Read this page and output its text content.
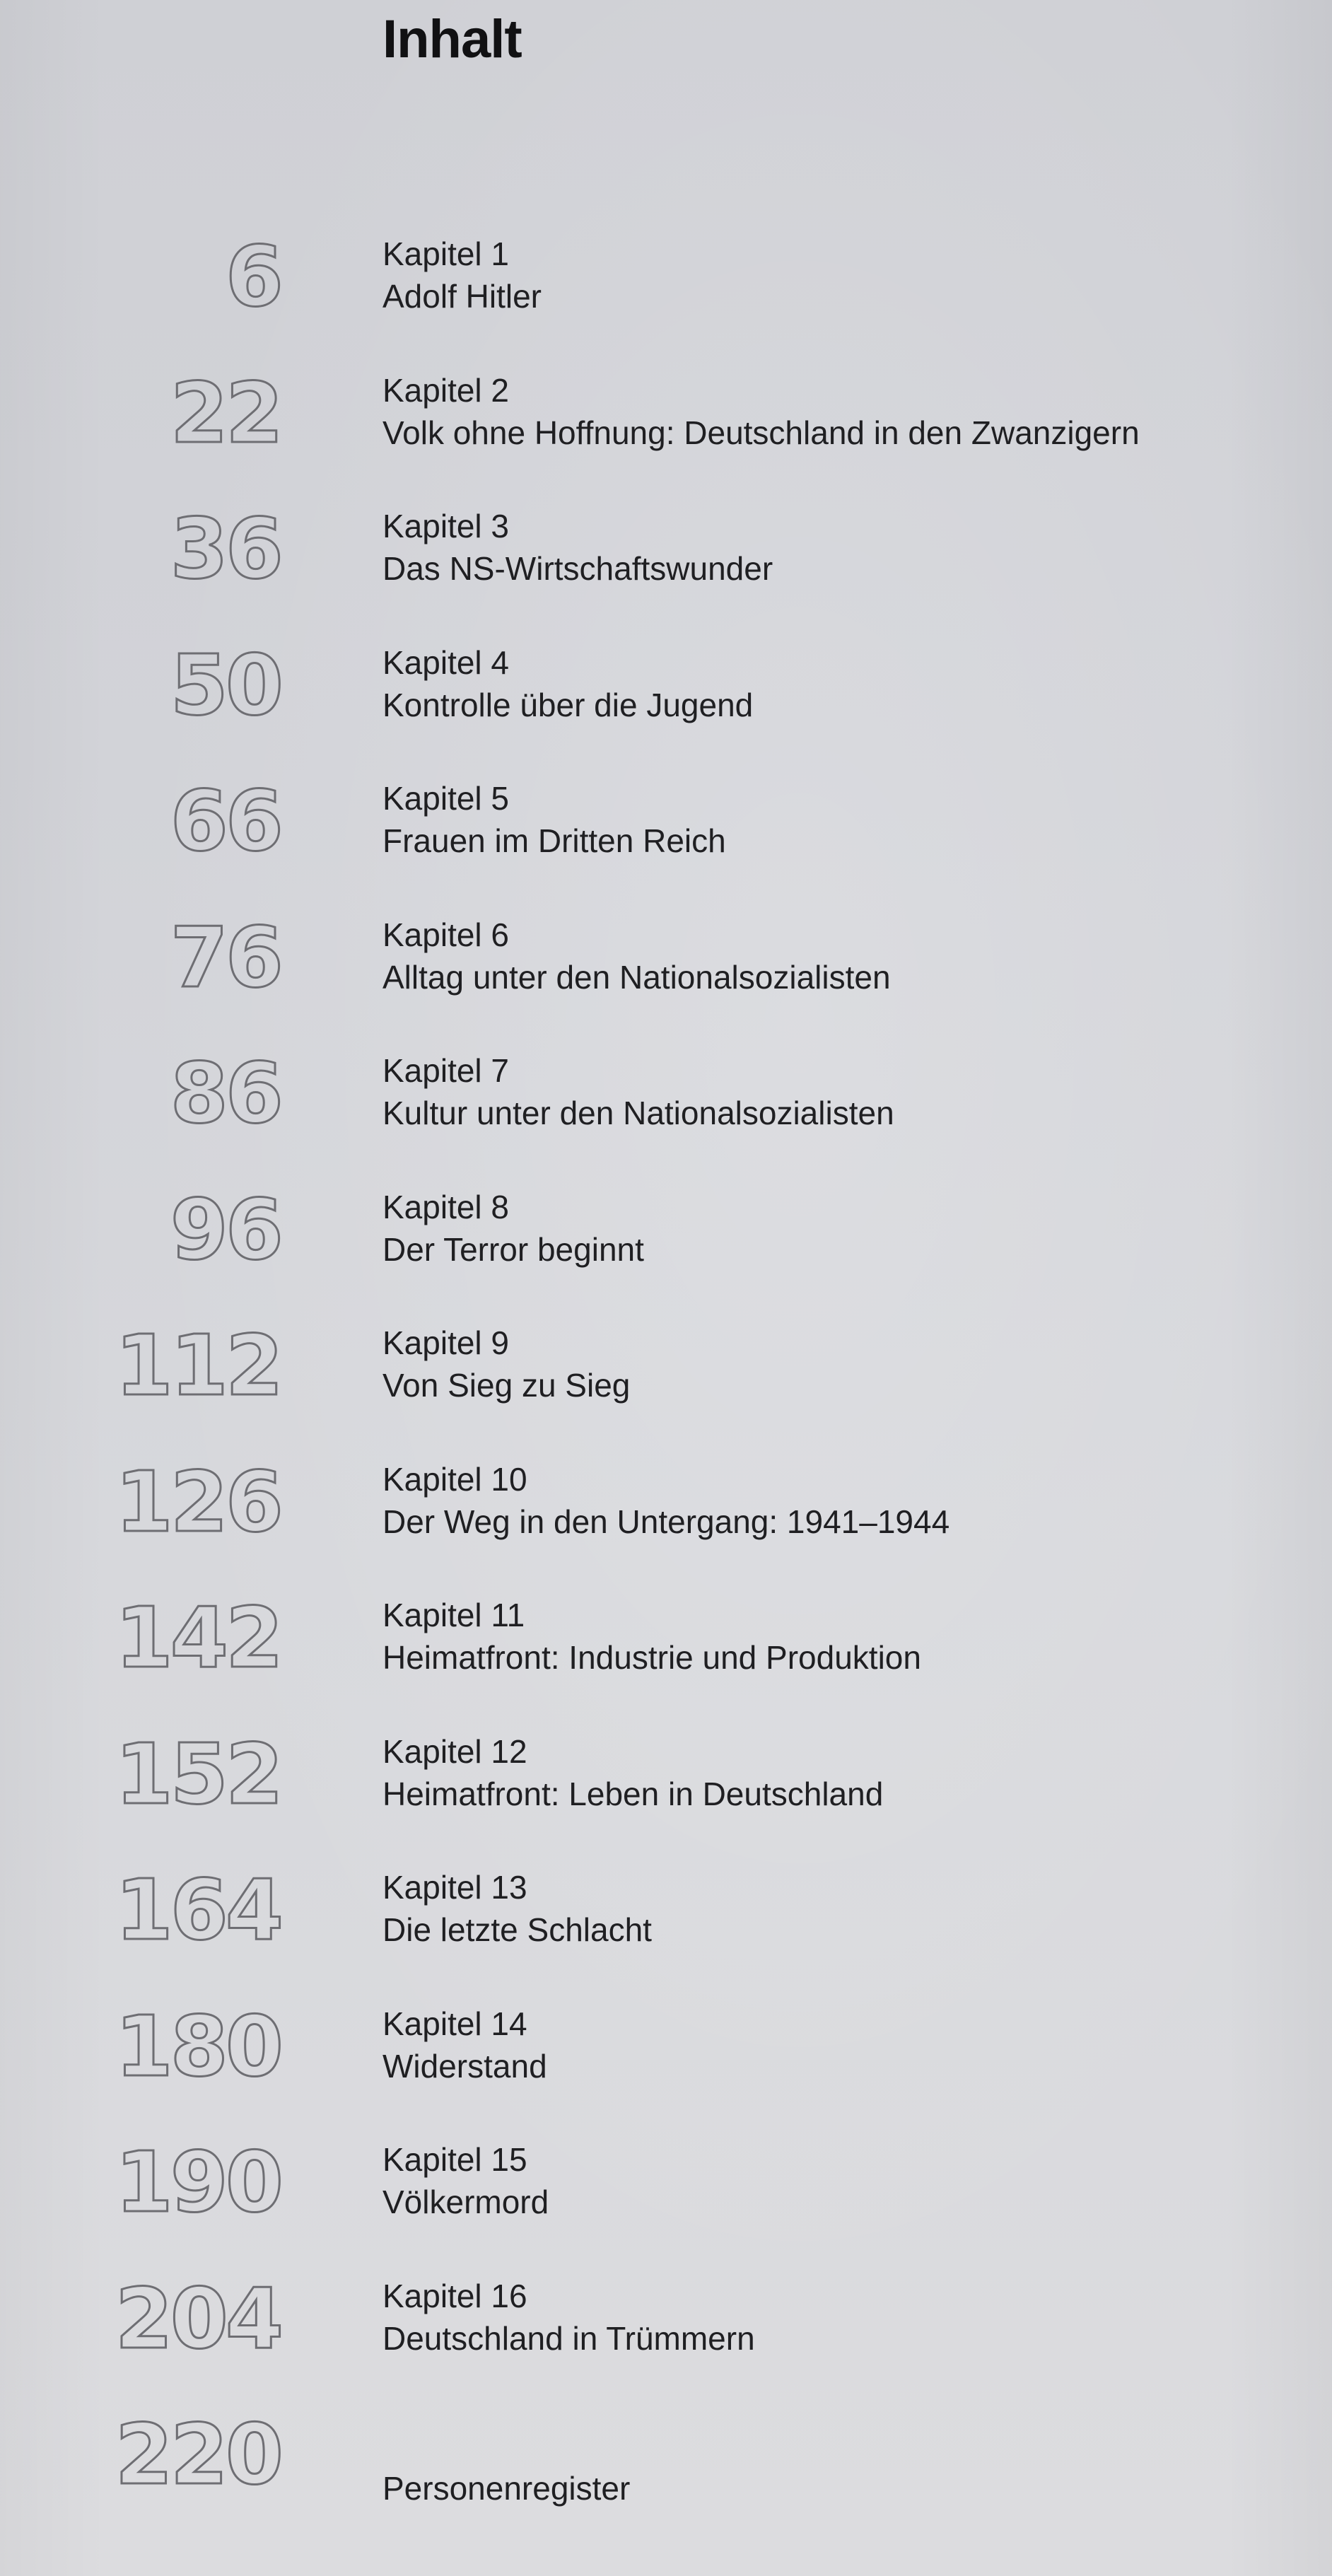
Inhalt
6	Kapitel 1
Adolf Hitler
22	Kapitel 2
Volk ohne Hoffnung: Deutschland in den Zwanzigern
36	Kapitel 3
Das NS-Wirtschaftswunder
50	Kapitel 4
Kontrolle über die Jugend
66	Kapitel 5
Frauen im Dritten Reich
76	Kapitel 6
Alltag unter den Nationalsozialisten
86	Kapitel 7
Kultur unter den Nationalsozialisten
96	Kapitel 8
Der Terror beginnt
112	Kapitel 9
Von Sieg zu Sieg
126	Kapitel 10
Der Weg in den Untergang: 1941–1944
142	Kapitel 11
Heimatfront: Industrie und Produktion
152	Kapitel 12
Heimatfront: Leben in Deutschland
164	Kapitel 13
Die letzte Schlacht
180	Kapitel 14
Widerstand
190	Kapitel 15
Völkermord
204	Kapitel 16
Deutschland in Trümmern
220	Personenregister
